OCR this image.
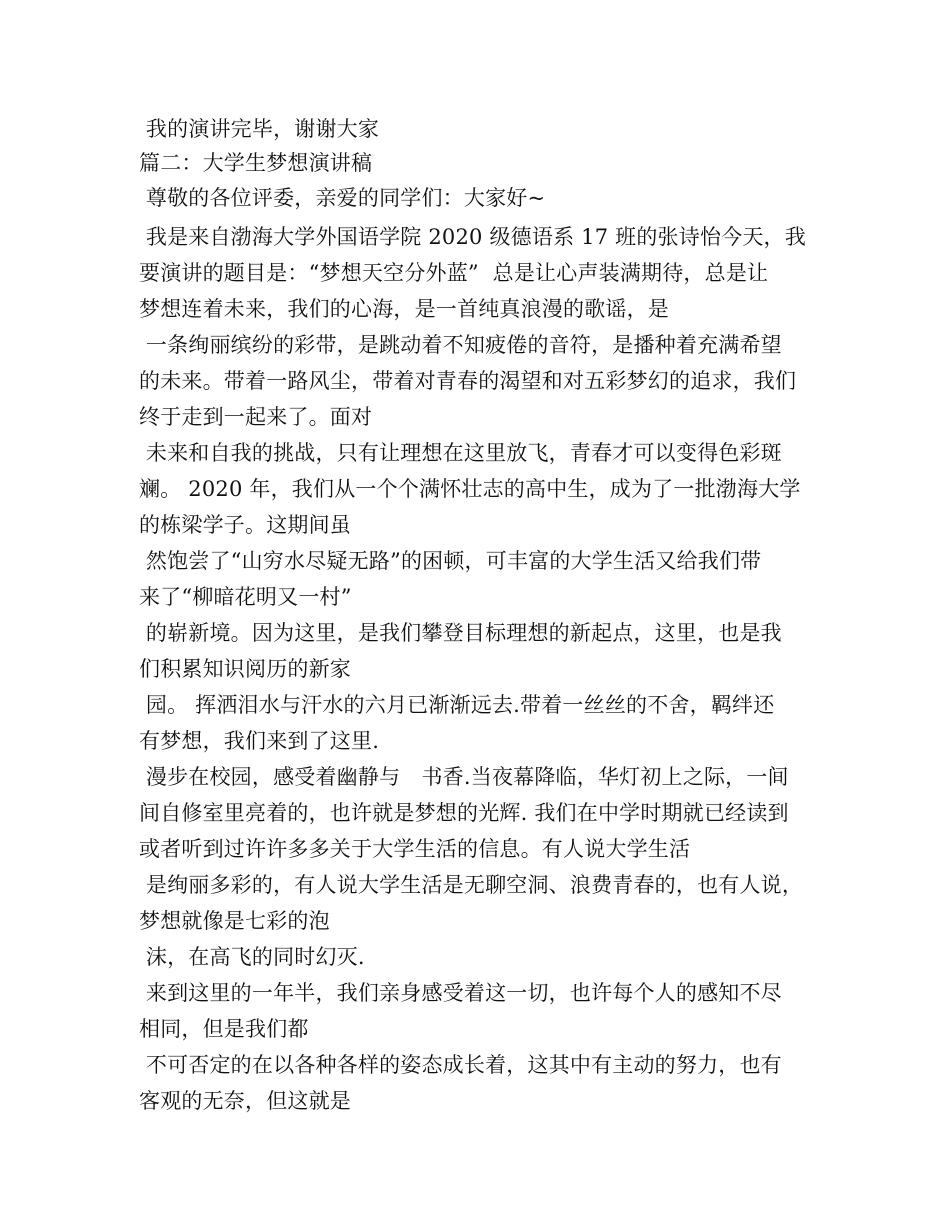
我的演讲完毕，谢谢大家
篇二：大学生梦想演讲稿
尊敬的各位评委，亲爱的同学们：大家好~
我是来自渤海大学外国语学院 2020 级德语系 17 班的张诗怡今天，我
要演讲的题目是：“梦想天空分外蓝”  总是让心声装满期待，总是让
梦想连着未来，我们的心海，是一首纯真浪漫的歌谣，是
一条绚丽缤纷的彩带，是跳动着不知疲倦的音符，是播种着充满希望
的未来。带着一路风尘，带着对青春的渴望和对五彩梦幻的追求，我们
终于走到一起来了。面对
未来和自我的挑战，只有让理想在这里放飞，青春才可以变得色彩斑
斓。 2020 年，我们从一个个满怀壮志的高中生，成为了一批渤海大学
的栋梁学子。这期间虽
然饱尝了“山穷水尽疑无路”的困顿，可丰富的大学生活又给我们带
来了“柳暗花明又一村”
的崭新境。因为这里，是我们攀登目标理想的新起点，这里，也是我
们积累知识阅历的新家
园。 挥洒泪水与汗水的六月已渐渐远去.带着一丝丝的不舍，羁绊还
有梦想，我们来到了这里.
漫步在校园，感受着幽静与　书香.当夜幕降临，华灯初上之际，一间
间自修室里亮着的，也许就是梦想的光辉. 我们在中学时期就已经读到
或者听到过许许多多关于大学生活的信息。有人说大学生活
是绚丽多彩的，有人说大学生活是无聊空洞、浪费青春的，也有人说，
梦想就像是七彩的泡
沫，在高飞的同时幻灭.
来到这里的一年半，我们亲身感受着这一切，也许每个人的感知不尽
相同，但是我们都
不可否定的在以各种各样的姿态成长着，这其中有主动的努力，也有
客观的无奈，但这就是
